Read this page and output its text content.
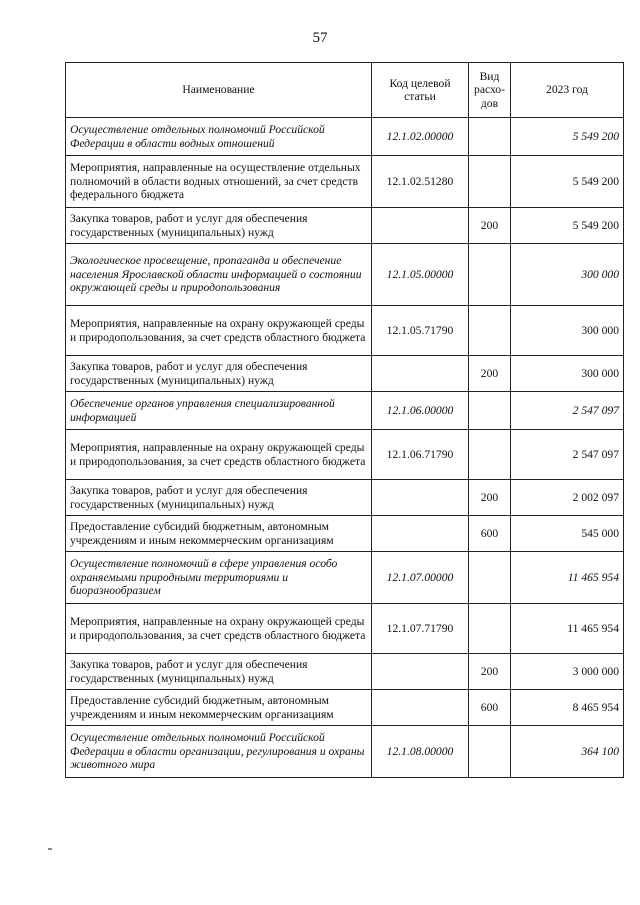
57
Наименование	Код целевой статьи	Вид расхо-дов	2023 год
Осуществление отдельных полномочий Российской Федерации в области водных отношений	12.1.02.00000		5 549 200
Мероприятия, направленные на осуществление отдельных полномочий в области водных отношений, за счет средств федерального бюджета	12.1.02.51280		5 549 200
Закупка товаров, работ и услуг для обеспечения государственных (муниципальных) нужд		200	5 549 200
Экологическое просвещение, пропаганда и обеспечение населения Ярославской области информацией о состоянии окружающей среды и природопользования	12.1.05.00000		300 000
Мероприятия, направленные на охрану окружающей среды и природопользования, за счет средств областного бюджета	12.1.05.71790		300 000
Закупка товаров, работ и услуг для обеспечения государственных (муниципальных) нужд		200	300 000
Обеспечение органов управления специализированной информацией	12.1.06.00000		2 547 097
Мероприятия, направленные на охрану окружающей среды и природопользования, за счет средств областного бюджета	12.1.06.71790		2 547 097
Закупка товаров, работ и услуг для обеспечения государственных (муниципальных) нужд		200	2 002 097
Предоставление субсидий бюджетным, автономным учреждениям и иным некоммерческим организациям		600	545 000
Осуществление полномочий в сфере управления особо охраняемыми природными территориями и биоразнообразием	12.1.07.00000		11 465 954
Мероприятия, направленные на охрану окружающей среды и природопользования, за счет средств областного бюджета	12.1.07.71790		11 465 954
Закупка товаров, работ и услуг для обеспечения государственных (муниципальных) нужд		200	3 000 000
Предоставление субсидий бюджетным, автономным учреждениям и иным некоммерческим организациям		600	8 465 954
Осуществление отдельных полномочий Российской Федерации в области организации, регулирования и охраны животного мира	12.1.08.00000		364 100
